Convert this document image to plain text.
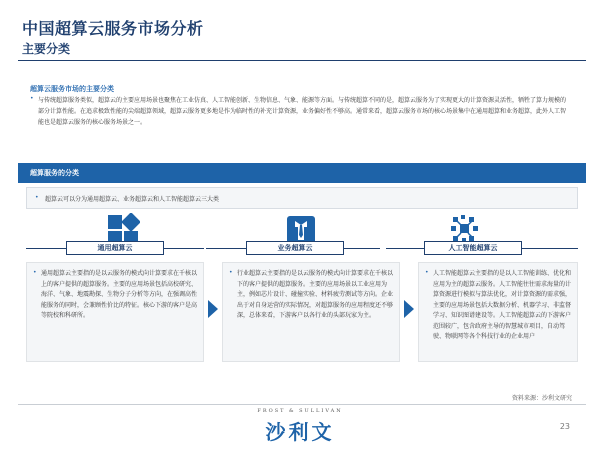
中国超算云服务市场分析
主要分类
超算云服务市场的主要分类
• 与传统超算服务类似，超算云的主要应用场景也聚焦在工业仿真、人工智能创新、生物信息、气象、能源等方面。与传统超算不同的是，超算云服务为了实现更大的计算资源灵活性，牺牲了算力规模的部分计算性能。在追求极致性能的尖端超算领域，超算云服务更多地是作为临时性的补充计算资源，业务偏好性不够高。通常来看，超算云服务市场的核心场景集中在通用超算和业务超算，此外人工智能也是超算云服务的核心服务场景之一。
超算服务的分类
• 超算云可以分为通用超算云、业务超算云和人工智能超算云三大类
通用超算云	业务超算云	人工智能超算云
• 通用超算云主要指的是以云服务的模式向计算要求在千核以上的客户提供的超算服务。主要的应用场景包括高校研究、海洋、气象、地震勘探、生物分子分析等方向，在强调高性能服务的同时，会兼顾性价比的特征。核心下游的客户是高等院校和科研所。
• 行业超算云主要指的是以云服务的模式向计算要求在千核以下的客户提供的超算服务。主要的应用场景以工业应用为主，例如芯片设计、碰撞实验、材料疲劳测试等方向。企业出于对自身运营的实际情况，对超算服务的应用程度还不够深，总体来看，下游客户以各行业的头部玩家为主。
• 人工智能超算云主要指的是以人工智能训练、优化和应用为主的超算云服务。人工智能往往需求海量的计算资源进行模拟与算法优化，对计算资源的需求强，主要的应用场景包括大数据分析、机器学习、非监督学习、知识图谱建设等。人工智能超算云的下游客户范围较广，包含政府主导的智慧城市项目，自动驾驶、物联网等各个科技行业的企业用户
资料来源：沙利文研究
FROST & SULLIVAN
沙利文	23
